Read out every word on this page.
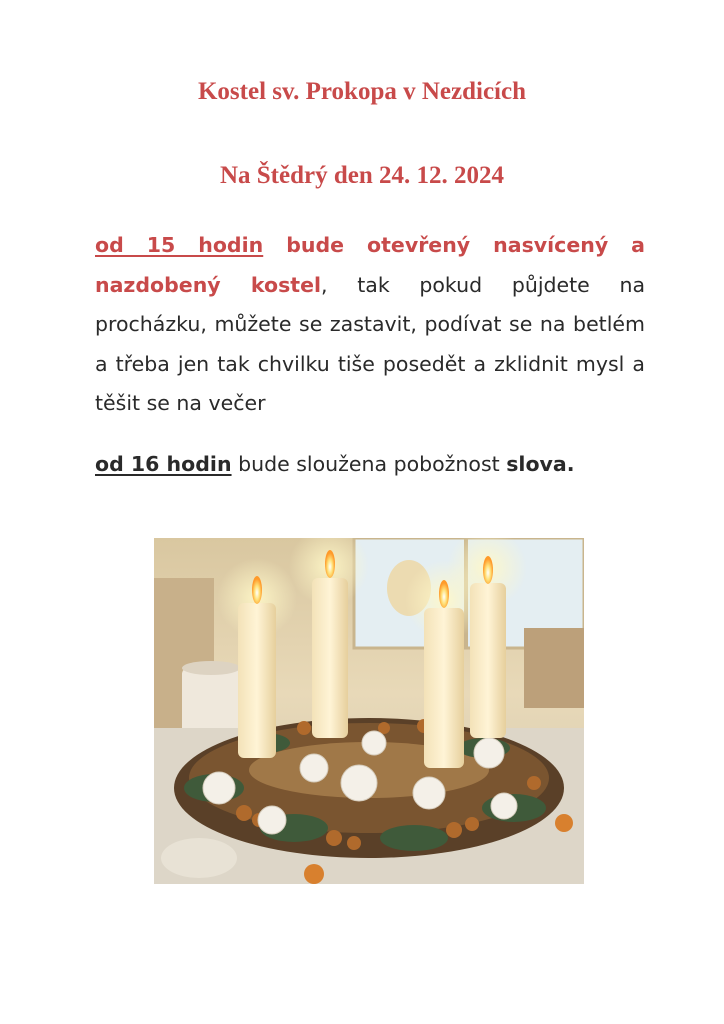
Kostel sv. Prokopa v Nezdicích
Na Štědrý den 24. 12. 2024

od 15 hodin bude otevřený nasvícený a nazdobený kostel, tak pokud půjdete na procházku, můžete se zastavit, podívat se na betlém a třeba jen tak chvilku tiše posedět a zklidnit mysl a těšit se na večer

od 16 hodin bude sloužena pobožnost slova.
